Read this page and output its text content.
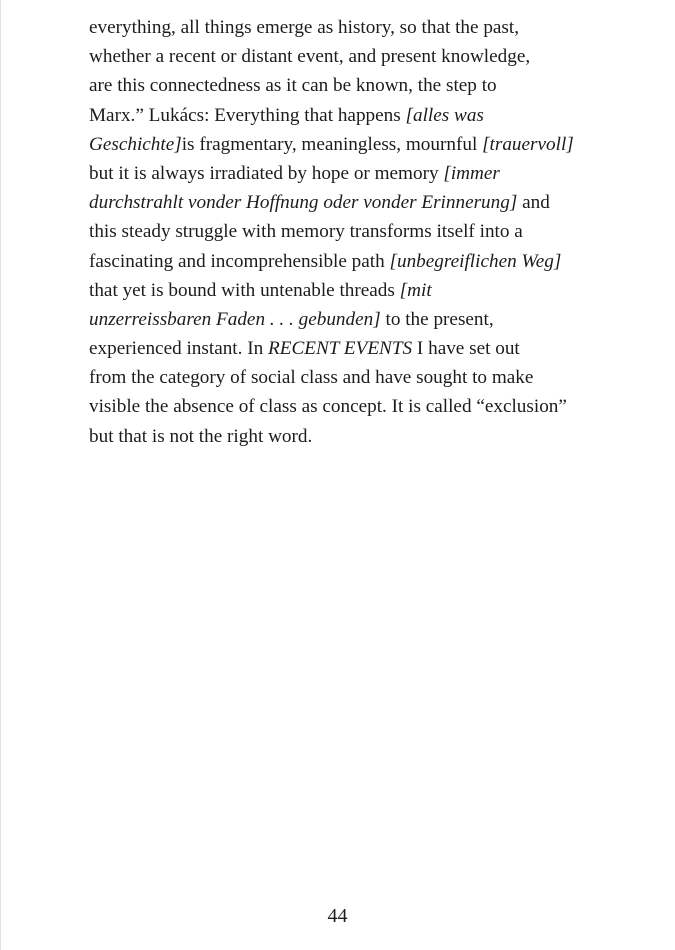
everything, all things emerge as history, so that the past,
whether a recent or distant event, and present knowledge,
are this connectedness as it can be known, the step to
Marx.” Lukács: Everything that happens [alles was
Geschichte]is fragmentary, meaningless, mournful [trauervoll]
but it is always irradiated by hope or memory [immer
durchstrahlt vonder Hoffnung oder vonder Erinnerung] and
this steady struggle with memory transforms itself into a
fascinating and incomprehensible path [unbegreiflichen Weg]
that yet is bound with untenable threads [mit
unzerreissbaren Faden . . . gebunden] to the present,
experienced instant. In RECENT EVENTS I have set out
from the category of social class and have sought to make
visible the absence of class as concept. It is called “exclusion”
but that is not the right word.
44
